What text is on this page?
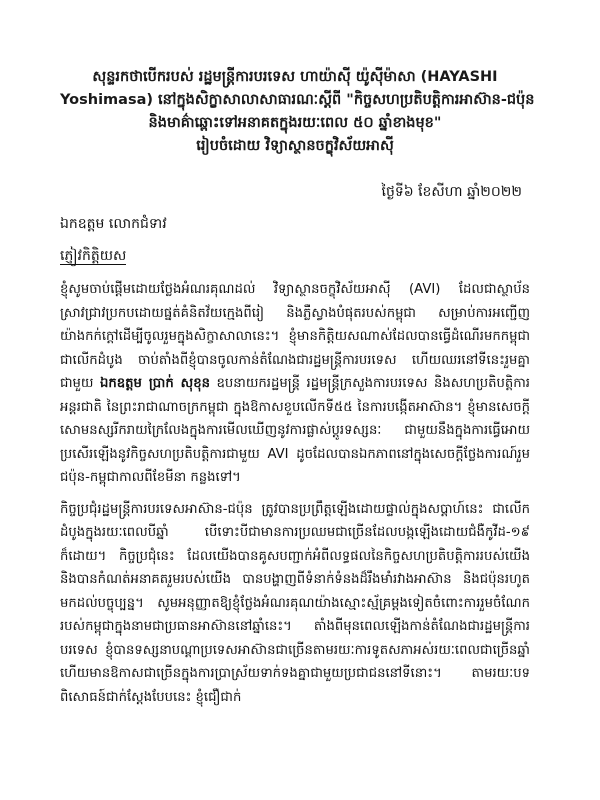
សុន្ទរកថាបើករបស់ រដ្ឋមន្ត្រីការបរទេស ហាយ៉ាស៊ី យ៉ូស៊ីម៉ាសា (HAYASHI
Yoshimasa) នៅក្នុងសិក្ខាសាលាសាធារណៈស្តីពី "កិច្ចសហប្រតិបត្តិការអាស៊ាន-ជប៉ុន
និងមាគ៌ាឆ្ពោះទៅអនាគតក្នុងរយៈពេល ៥០ ឆ្នាំខាងមុខ"
រៀបចំដោយ វិទ្យាស្ថានចក្ខុវិស័យអាស៊ី
ថ្ងៃទី៦ ខែសីហា ឆ្នាំ២០២២
ឯកឧត្តម លោកជំទាវ
ភ្ញៀវកិត្តិយស

ខ្ញុំសូមចាប់ផ្តើមដោយថ្លែងអំណរគុណដល់ វិទ្យាស្ថានចក្ខុវិស័យអាស៊ី (AVI) ដែលជាស្ថាប័នស្រាវជ្រាវប្រកបដោយផ្នត់គំនិតវ័យក្មេងពីរៀ និងភ្លឺស្វាងបំផុតរបស់កម្ពុជា សម្រាប់ការអញ្ជើញយ៉ាងកក់ក្តៅដើម្បីចូលរួមក្នុងសិក្ខាសាលានេះ។ ខ្ញុំមានកិត្តិយសណាស់ដែលបានធ្វើដំណើរមកកម្ពុជាជាលើកដំបូង ចាប់តាំងពីខ្ញុំបានចូលកាន់តំណែងជារដ្ឋមន្ត្រីការបរទេស ហើយឈរនៅទីនេះរួមគ្នាជាមួយ ឯកឧត្តម ប្រាក់ សុខុន ឧបនាយករដ្ឋមន្ត្រី រដ្ឋមន្ត្រីក្រសួងការបរទេស និងសហប្រតិបត្តិការអន្តរជាតិ នៃព្រះរាជាណាចក្រកម្ពុជា ក្នុងឱកាសខួបលើកទី៥៥ នៃការបង្កើតអាស៊ាន។ ខ្ញុំមានសេចក្តីសោមនស្សរីករាយក្រៃលែងក្នុងការមើលឃើញនូវការផ្លាស់ប្តូរទស្សនៈ ជាមួយនឹងក្នុងការធ្វើអោយប្រសើរឡើងនូវកិច្ចសហប្រតិបត្តិការជាមួយ AVI ដូចដែលបានឯកភាពនៅក្នុងសេចក្តីថ្លែងការណ៍រួមជប៉ុន-កម្ពុជាកាលពីខែមីនា កន្លងទៅ។

កិច្ចប្រជុំរដ្ឋមន្ត្រីការបរទេសអាស៊ាន-ជប៉ុន ត្រូវបានប្រព្រឹត្តឡើងដោយផ្ទាល់ក្នុងសប្តាហ៍នេះ ជាលើកដំបូងក្នុងរយៈពេលបីឆ្នាំ បើទោះបីជាមានការប្រឈមជាច្រើនដែលបង្កឡើងដោយជំងឺកូវីដ-១៩ ក៏ដោយ។ កិច្ចប្រជុំនេះ ដែលយើងបានគូសបញ្ជាក់អំពីលទ្ធផលនៃកិច្ចសហប្រតិបត្តិការរបស់យើង និងបានកំណត់អនាគតរួមរបស់យើង បានបង្ហាញពីទំនាក់ទំនងដ៏រឹងមាំរវាងអាស៊ាន និងជប៉ុនរហូតមកដល់បច្ចុប្បន្ន។ សូមអនុញ្ញាតឱ្យខ្ញុំថ្លែងអំណរគុណយ៉ាងស្មោះស្ម័គ្រម្តងទៀតចំពោះការរួមចំណែករបស់កម្ពុជាក្នុងនាមជាប្រធានអាស៊ាននៅឆ្នាំនេះ។ តាំងពីមុនពេលឡើងកាន់តំណែងជារដ្ឋមន្ត្រីការបរទេស ខ្ញុំបានទស្សនាបណ្តាប្រទេសអាស៊ានជាច្រើនតាមរយៈការទូតសភាអស់រយៈពេលជាច្រើនឆ្នាំ ហើយមានឱកាសជាច្រើនក្នុងការប្រាស្រ័យទាក់ទងគ្នាជាមួយប្រជាជននៅទីនោះ។ តាមរយៈបទពិសោធន៍ជាក់ស្តែងបែបនេះ ខ្ញុំជឿជាក់
